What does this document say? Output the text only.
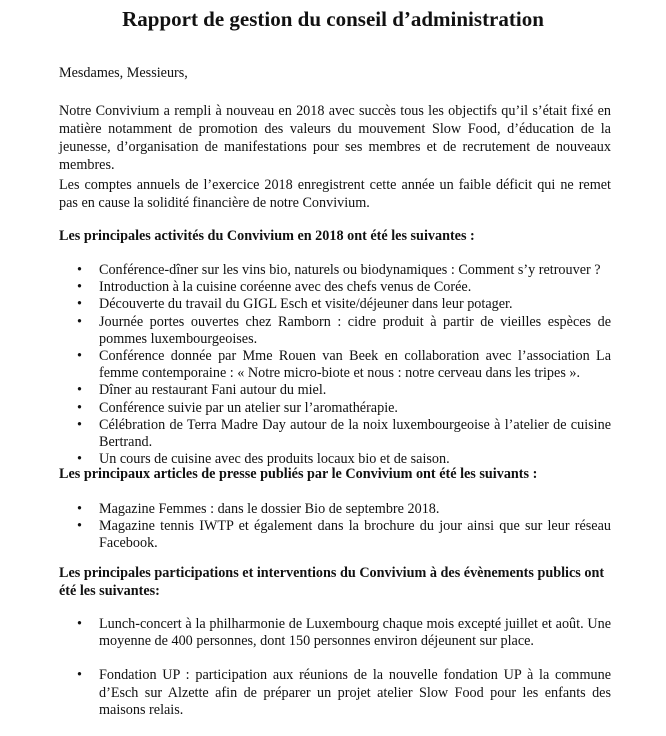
Rapport de gestion du conseil d’administration

Mesdames, Messieurs,

Notre Convivium a rempli à nouveau en 2018 avec succès tous les objectifs qu’il s’était fixé en matière notamment de promotion des valeurs du mouvement Slow Food, d’éducation de la jeunesse, d’organisation de manifestations pour ses membres et de recrutement de nouveaux membres.

Les comptes annuels de l’exercice 2018 enregistrent cette année un faible déficit qui ne remet pas en cause la solidité financière de notre Convivium.

Les principales activités du Convivium en 2018 ont été les suivantes :

• Conférence-dîner sur les vins bio, naturels ou biodynamiques : Comment s’y retrouver ?
• Introduction à la cuisine coréenne avec des chefs venus de Corée.
• Découverte du travail du GIGL Esch et visite/déjeuner dans leur potager.
• Journée portes ouvertes chez Ramborn : cidre produit à partir de vieilles espèces de pommes luxembourgeoises.
• Conférence donnée par Mme Rouen van Beek en collaboration avec l’association La femme contemporaine : « Notre micro-biote et nous : notre cerveau dans les tripes ».
• Dîner au restaurant Fani autour du miel.
• Conférence suivie par un atelier sur l’aromathérapie.
• Célébration de Terra Madre Day autour de la noix luxembourgeoise à l’atelier de cuisine Bertrand.
• Un cours de cuisine avec des produits locaux bio et de saison.

Les principaux articles de presse publiés par le Convivium ont été les suivants :

• Magazine Femmes : dans le dossier Bio de septembre 2018.
• Magazine tennis IWTP et également dans la brochure du jour ainsi que sur leur réseau Facebook.

Les principales participations et interventions du Convivium à des évènements publics ont été les suivantes:

• Lunch-concert à la philharmonie de Luxembourg chaque mois excepté juillet et août. Une moyenne de 400 personnes, dont 150 personnes environ déjeunent sur place.
• Fondation UP : participation aux réunions de la nouvelle fondation UP à la commune d’Esch sur Alzette afin de préparer un projet atelier Slow Food pour les enfants des maisons relais.
